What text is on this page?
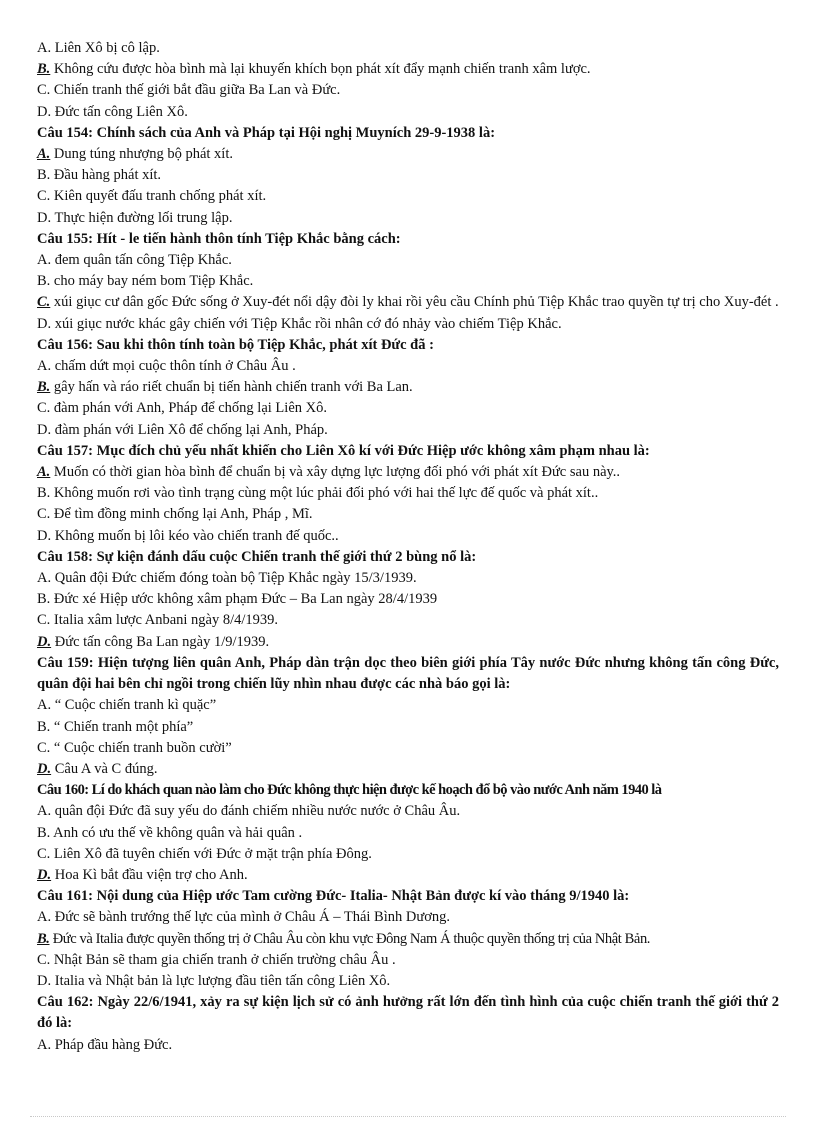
A. Liên Xô bị cô lập.
B. Không cứu được hòa bình mà lại khuyến khích bọn phát xít đẩy mạnh chiến tranh xâm lược.
C. Chiến tranh thế giới bắt đầu giữa Ba Lan và Đức.
D. Đức tấn công Liên Xô.
Câu 154: Chính sách của Anh và Pháp tại Hội nghị Muyních 29-9-1938 là:
A. Dung túng nhượng bộ phát xít.
B. Đầu hàng phát xít.
C. Kiên quyết đấu tranh chống phát xít.
D. Thực hiện đường lối trung lập.
Câu 155: Hít - le tiến hành thôn tính Tiệp Khắc bằng cách:
A. đem quân tấn công Tiệp Khắc.
B. cho máy bay ném bom Tiệp Khắc.
C. xúi giục cư dân gốc Đức sống ở Xuy-đét nổi dậy đòi ly khai rồi yêu cầu Chính phủ Tiệp Khắc trao quyền tự trị cho Xuy-đét .
D. xúi giục nước khác gây chiến với Tiệp Khắc rồi nhân cớ đó nhảy vào chiếm Tiệp Khắc.
Câu 156: Sau khi thôn tính toàn bộ Tiệp Khắc, phát xít Đức đã :
A. chấm dứt mọi cuộc thôn tính ở Châu Âu .
B. gây hấn và ráo riết chuẩn bị tiến hành chiến tranh với Ba Lan.
C. đàm phán với Anh, Pháp để chống lại Liên Xô.
D. đàm phán với Liên Xô để chống lại Anh, Pháp.
Câu 157: Mục đích chủ yếu nhất khiến cho Liên Xô kí với Đức Hiệp ước không xâm phạm nhau là:
A. Muốn có thời gian hòa bình để chuẩn bị và xây dựng lực lượng đối phó với phát xít Đức sau này..
B. Không muốn rơi vào tình trạng cùng một lúc phải đối phó với hai thế lực đế quốc và phát xít..
C. Để tìm đồng minh chống lại Anh, Pháp , Mĩ.
D. Không muốn bị lôi kéo vào chiến tranh đế quốc..
Câu 158: Sự kiện đánh dấu cuộc Chiến tranh thế giới thứ 2 bùng nổ là:
A. Quân đội Đức chiếm đóng toàn bộ Tiệp Khắc ngày 15/3/1939.
B. Đức xé Hiệp ước không xâm phạm Đức – Ba Lan ngày 28/4/1939
C. Italia xâm lược Anbani ngày 8/4/1939.
D. Đức tấn công Ba Lan ngày 1/9/1939.
Câu 159: Hiện tượng liên quân Anh, Pháp dàn trận dọc theo biên giới phía Tây nước Đức nhưng không tấn công Đức, quân đội hai bên chỉ ngồi trong chiến lũy nhìn nhau được các nhà báo gọi là:
A. “ Cuộc chiến tranh kì quặc”
B. “ Chiến tranh một phía”
C. “ Cuộc chiến tranh buồn cười”
D. Câu A và C đúng.
Câu 160: Lí do khách quan nào làm cho Đức không thực hiện được kế hoạch đổ bộ vào nước Anh năm 1940 là
A. quân đội Đức đã suy yếu do đánh chiếm nhiều nước nước ở Châu Âu.
B. Anh có ưu thế về không quân và hải quân .
C. Liên Xô đã tuyên chiến với Đức ở mặt trận phía Đông.
D. Hoa Kì bắt đầu viện trợ cho Anh.
Câu 161: Nội dung của Hiệp ước Tam cường Đức- Italia- Nhật Bản được kí vào tháng 9/1940 là:
A. Đức sẽ bành trướng thế lực của mình ở Châu Á – Thái Bình Dương.
B. Đức và Italia được quyền thống trị ở Châu Âu còn khu vực Đông Nam Á thuộc quyền thống trị của Nhật Bản.
C. Nhật Bản sẽ tham gia chiến tranh ở chiến trường châu Âu .
D. Italia và Nhật bản là lực lượng đầu tiên tấn công Liên Xô.
Câu 162: Ngày 22/6/1941, xảy ra sự kiện lịch sử có ảnh hưởng rất lớn đến tình hình của cuộc chiến tranh thế giới thứ 2 đó là:
A. Pháp đầu hàng Đức.
